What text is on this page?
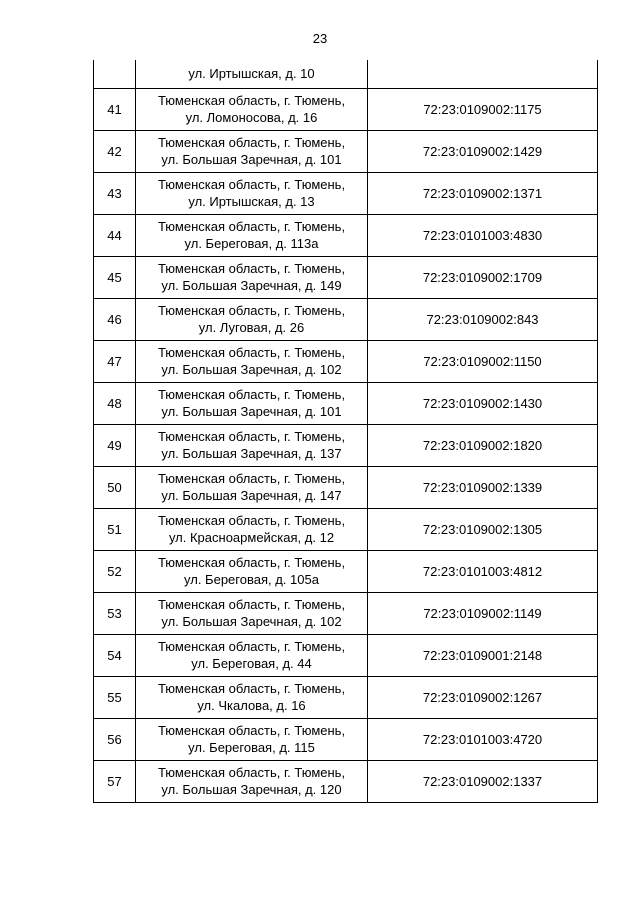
23

	ул. Иртышская, д. 10	

41	Тюменская область, г. Тюмень,
ул. Ломоносова, д. 16	72:23:0109002:1175
42	Тюменская область, г. Тюмень,
ул. Большая Заречная, д. 101	72:23:0109002:1429
43	Тюменская область, г. Тюмень,
ул. Иртышская, д. 13	72:23:0109002:1371
44	Тюменская область, г. Тюмень,
ул. Береговая, д. 113а	72:23:0101003:4830
45	Тюменская область, г. Тюмень,
ул. Большая Заречная, д. 149	72:23:0109002:1709
46	Тюменская область, г. Тюмень,
ул. Луговая, д. 26	72:23:0109002:843
47	Тюменская область, г. Тюмень,
ул. Большая Заречная, д. 102	72:23:0109002:1150
48	Тюменская область, г. Тюмень,
ул. Большая Заречная, д. 101	72:23:0109002:1430
49	Тюменская область, г. Тюмень,
ул. Большая Заречная, д. 137	72:23:0109002:1820
50	Тюменская область, г. Тюмень,
ул. Большая Заречная, д. 147	72:23:0109002:1339
51	Тюменская область, г. Тюмень,
ул. Красноармейская, д. 12	72:23:0109002:1305
52	Тюменская область, г. Тюмень,
ул. Береговая, д. 105а	72:23:0101003:4812
53	Тюменская область, г. Тюмень,
ул. Большая Заречная, д. 102	72:23:0109002:1149
54	Тюменская область, г. Тюмень,
ул. Береговая, д. 44	72:23:0109001:2148
55	Тюменская область, г. Тюмень,
ул. Чкалова, д. 16	72:23:0109002:1267
56	Тюменская область, г. Тюмень,
ул. Береговая, д. 115	72:23:0101003:4720
57	Тюменская область, г. Тюмень,
ул. Большая Заречная, д. 120	72:23:0109002:1337
